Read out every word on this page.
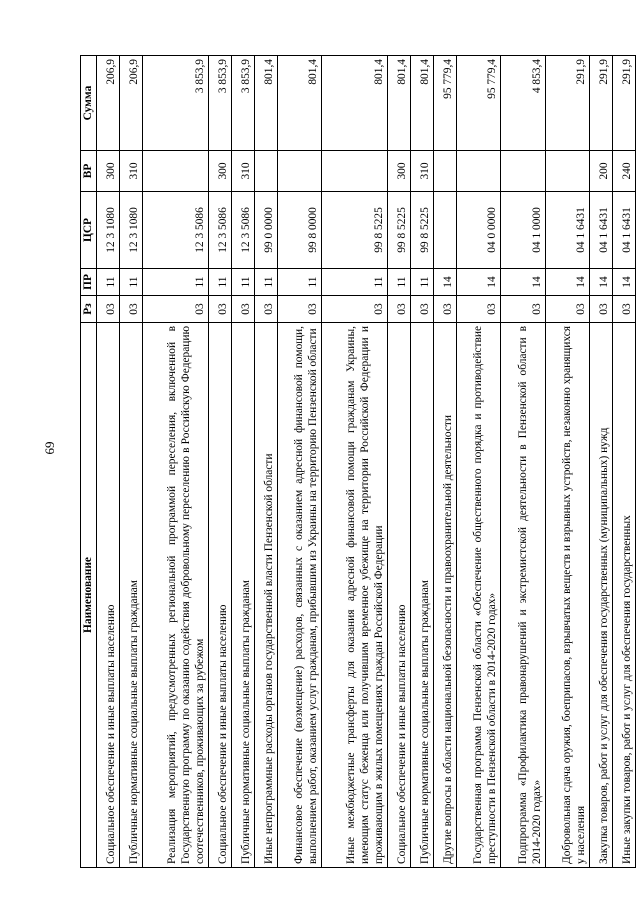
69
Наименование	Рз	ПР	ЦСР	ВР	Сумма
Социальное обеспечение и иные выплаты населению	03	11	12 3 1080	300	206,9
Публичные нормативные социальные выплаты гражданам	03	11	12 3 1080	310	206,9
Реализация мероприятий, предусмотренных региональной программой переселения, включенной в Государственную программу по оказанию содействия добровольному переселению в Российскую Федерацию соотечественников, проживающих за рубежом	03	11	12 3 5086		3 853,9
Социальное обеспечение и иные выплаты населению	03	11	12 3 5086	300	3 853,9
Публичные нормативные социальные выплаты гражданам	03	11	12 3 5086	310	3 853,9
Иные непрограммные расходы органов государственной власти Пензенской области	03	11	99 0 0000		801,4
Финансовое обеспечение (возмещение) расходов, связанных с оказанием адресной финансовой помощи, выполнением работ, оказанием услуг гражданам, прибывшим из Украины на территорию Пензенской области	03	11	99 8 0000		801,4
Иные межбюджетные трансферты для оказания адресной финансовой помощи гражданам Украины, имеющим статус беженца или получившим временное убежище на территории Российской Федерации и проживающим в жилых помещениях граждан Российской Федерации	03	11	99 8 5225		801,4
Социальное обеспечение и иные выплаты населению	03	11	99 8 5225	300	801,4
Публичные нормативные социальные выплаты гражданам	03	11	99 8 5225	310	801,4
Другие вопросы в области национальной безопасности и правоохранительной деятельности	03	14			95 779,4
Государственная программа Пензенской области «Обеспечение общественного порядка и противодействие преступности в Пензенской области в 2014-2020 годах»	03	14	04 0 0000		95 779,4
Подпрограмма «Профилактика правонарушений и экстремистской деятельности в Пензенской области в 2014-2020 годах»	03	14	04 1 0000		4 853,4
Добровольная сдача оружия, боеприпасов, взрывчатых веществ и взрывных устройств, незаконно хранящихся у населения	03	14	04 1 6431		291,9
Закупка товаров, работ и услуг для обеспечения государственных (муниципальных) нужд	03	14	04 1 6431	200	291,9
Иные закупки товаров, работ и услуг для обеспечения государственных	03	14	04 1 6431	240	291,9
